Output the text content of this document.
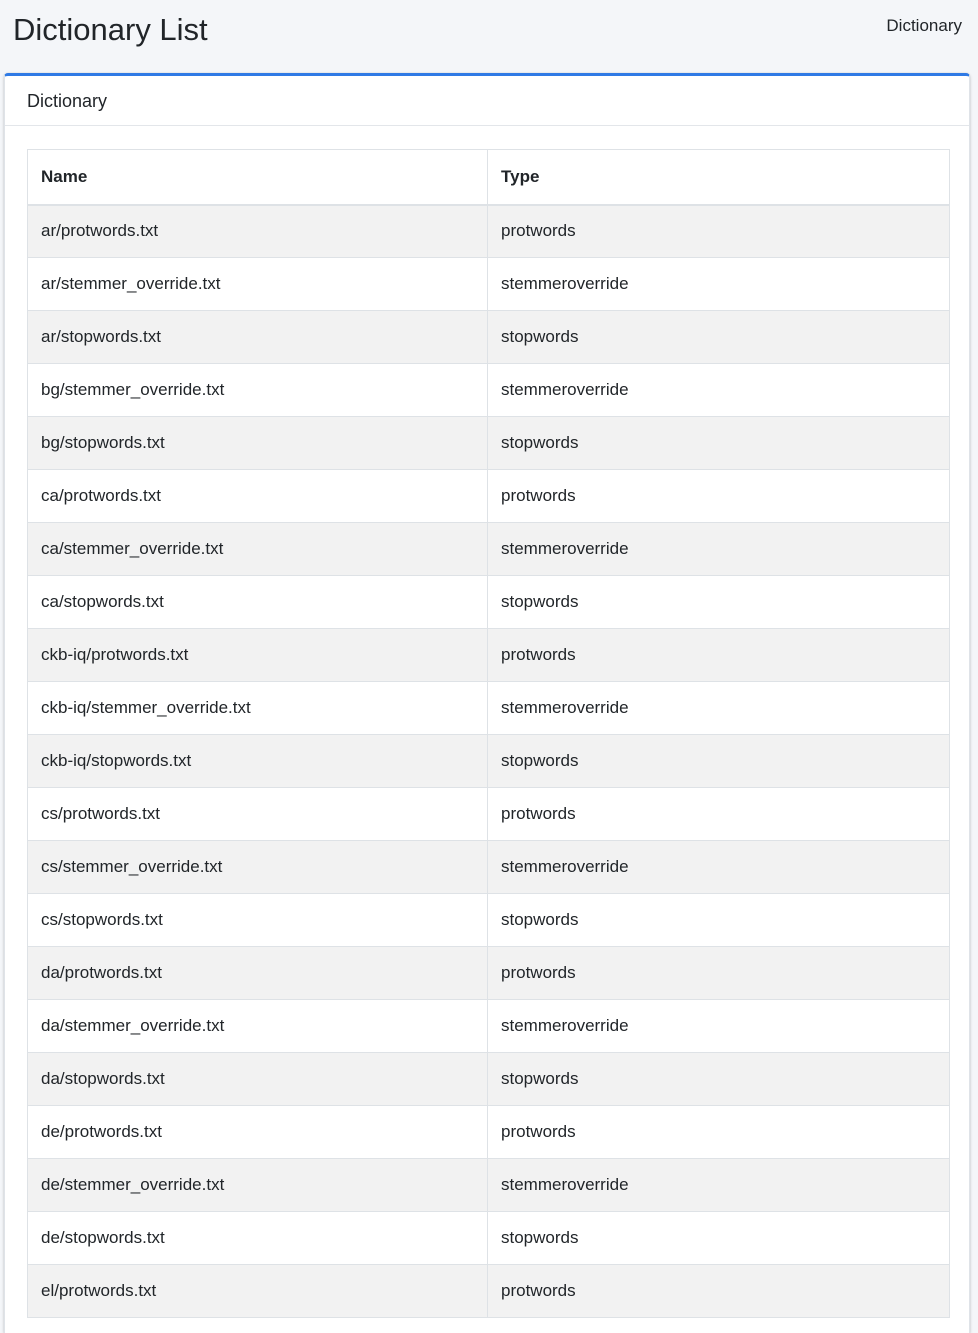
Dictionary List	Dictionary
Dictionary
Name	Type
ar/protwords.txt	protwords
ar/stemmer_override.txt	stemmeroverride
ar/stopwords.txt	stopwords
bg/stemmer_override.txt	stemmeroverride
bg/stopwords.txt	stopwords
ca/protwords.txt	protwords
ca/stemmer_override.txt	stemmeroverride
ca/stopwords.txt	stopwords
ckb-iq/protwords.txt	protwords
ckb-iq/stemmer_override.txt	stemmeroverride
ckb-iq/stopwords.txt	stopwords
cs/protwords.txt	protwords
cs/stemmer_override.txt	stemmeroverride
cs/stopwords.txt	stopwords
da/protwords.txt	protwords
da/stemmer_override.txt	stemmeroverride
da/stopwords.txt	stopwords
de/protwords.txt	protwords
de/stemmer_override.txt	stemmeroverride
de/stopwords.txt	stopwords
el/protwords.txt	protwords
